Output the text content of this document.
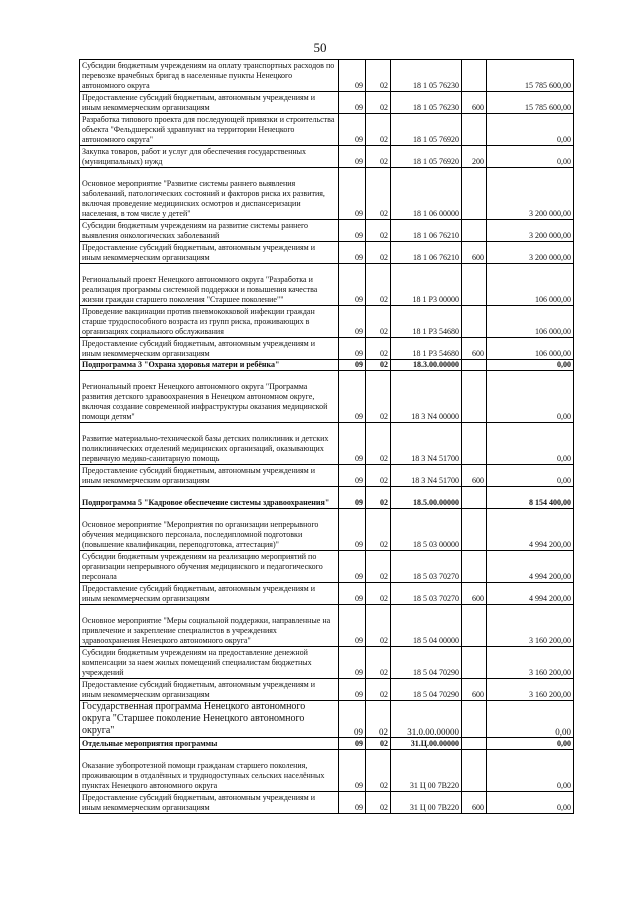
50
Субсидии бюджетным учреждениям на оплату транспортных расходов по перевозке врачебных бригад в населенные пункты Ненецкого автономного округа	09	02	18 1 05 76230		15 785 600,00
Предоставление субсидий бюджетным, автономным учреждениям и иным некоммерческим организациям	09	02	18 1 05 76230	600	15 785 600,00
Разработка типового проекта для последующей привязки и строительства объекта "Фельдшерский здравпункт на территории Ненецкого автономного округа"	09	02	18 1 05 76920		0,00
Закупка товаров, работ и услуг для обеспечения государственных (муниципальных) нужд	09	02	18 1 05 76920	200	0,00
Основное мероприятие "Развитие системы раннего выявления заболеваний, патологических состояний и факторов риска их развития, включая проведение медицинских осмотров и диспансеризации населения, в том числе у детей"	09	02	18 1 06 00000		3 200 000,00
Субсидии бюджетным учреждениям на развитие системы раннего выявления онкологических заболеваний	09	02	18 1 06 76210		3 200 000,00
Предоставление субсидий бюджетным, автономным учреждениям и иным некоммерческим организациям	09	02	18 1 06 76210	600	3 200 000,00
Региональный проект Ненецкого автономного округа "Разработка и реализация программы системной поддержки и повышения качества жизни граждан старшего поколения "Старшее поколение""	09	02	18 1 P3 00000		106 000,00
Проведение вакцинации против пневмококковой инфекции граждан старше трудоспособного возраста из групп риска, проживающих в организациях социального обслуживания	09	02	18 1 P3 54680		106 000,00
Предоставление субсидий бюджетным, автономным учреждениям и иным некоммерческим организациям	09	02	18 1 P3 54680	600	106 000,00
Подпрограмма 3 "Охрана здоровья матери и ребёнка"	09	02	18.3.00.00000		0,00
Региональный проект Ненецкого автономного округа "Программа развития детского здравоохранения в Ненецком автономном округе, включая создание современной инфраструктуры оказания медицинской помощи детям"	09	02	18 3 N4 00000		0,00
Развитие материально-технической базы детских поликлиник и детских поликлинических отделений медицинских организаций, оказывающих первичную медико-санитарную помощь	09	02	18 3 N4 51700		0,00
Предоставление субсидий бюджетным, автономным учреждениям и иным некоммерческим организациям	09	02	18 3 N4 51700	600	0,00
Подпрограмма 5 "Кадровое обеспечение системы здравоохранения"	09	02	18.5.00.00000		8 154 400,00
Основное мероприятие "Мероприятия по организации непрерывного обучения медицинского персонала, последипломной подготовки (повышение квалификации, переподготовка, аттестация)"	09	02	18 5 03 00000		4 994 200,00
Субсидии бюджетным учреждениям на реализацию мероприятий по организации непрерывного обучения медицинского и педагогического персонала	09	02	18 5 03 70270		4 994 200,00
Предоставление субсидий бюджетным, автономным учреждениям и иным некоммерческим организациям	09	02	18 5 03 70270	600	4 994 200,00
Основное мероприятие "Меры социальной поддержки, направленные на привлечение и закрепление специалистов в учреждениях здравоохранения Ненецкого автономного округа"	09	02	18 5 04 00000		3 160 200,00
Субсидии бюджетным учреждениям на предоставление денежной компенсации за наем жилых помещений специалистам бюджетных учреждений	09	02	18 5 04 70290		3 160 200,00
Предоставление субсидий бюджетным, автономным учреждениям и иным некоммерческим организациям	09	02	18 5 04 70290	600	3 160 200,00
Государственная программа Ненецкого автономного округа "Старшее поколение Ненецкого автономного округа"	09	02	31.0.00.00000		0,00
Отдельные мероприятия программы	09	02	31.Ц.00.00000		0,00
Оказание зубопротезной помощи гражданам старшего поколения, проживающим в отдалённых и труднодоступных сельских населённых пунктах Ненецкого автономного округа	09	02	31 Ц 00 7В220		0,00
Предоставление субсидий бюджетным, автономным учреждениям и иным некоммерческим организациям	09	02	31 Ц 00 7В220	600	0,00
